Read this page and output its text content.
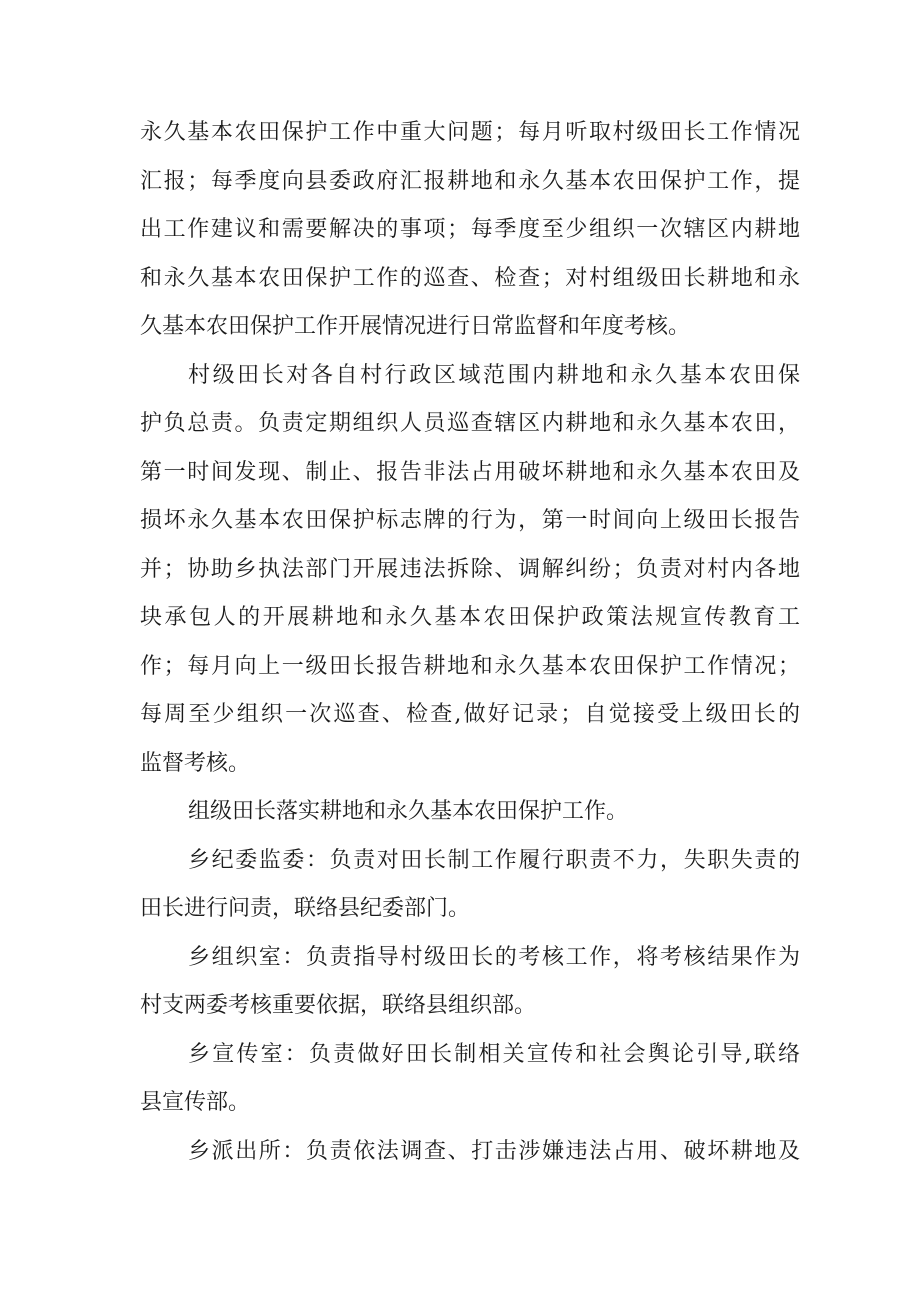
永久基本农田保护工作中重大问题；每月听取村级田长工作情况
汇报；每季度向县委政府汇报耕地和永久基本农田保护工作，提
出工作建议和需要解决的事项；每季度至少组织一次辖区内耕地
和永久基本农田保护工作的巡查、检查；对村组级田长耕地和永
久基本农田保护工作开展情况进行日常监督和年度考核。
村级田长对各自村行政区域范围内耕地和永久基本农田保
护负总责。负责定期组织人员巡查辖区内耕地和永久基本农田，
第一时间发现、制止、报告非法占用破坏耕地和永久基本农田及
损坏永久基本农田保护标志牌的行为，第一时间向上级田长报告
并；协助乡执法部门开展违法拆除、调解纠纷；负责对村内各地
块承包人的开展耕地和永久基本农田保护政策法规宣传教育工
作；每月向上一级田长报告耕地和永久基本农田保护工作情况；
每周至少组织一次巡查、检查,做好记录；自觉接受上级田长的
监督考核。
组级田长落实耕地和永久基本农田保护工作。
乡纪委监委：负责对田长制工作履行职责不力，失职失责的
田长进行问责，联络县纪委部门。
乡组织室：负责指导村级田长的考核工作，将考核结果作为
村支两委考核重要依据，联络县组织部。
乡宣传室：负责做好田长制相关宣传和社会舆论引导,联络
县宣传部。
乡派出所：负责依法调查、打击涉嫌违法占用、破坏耕地及
